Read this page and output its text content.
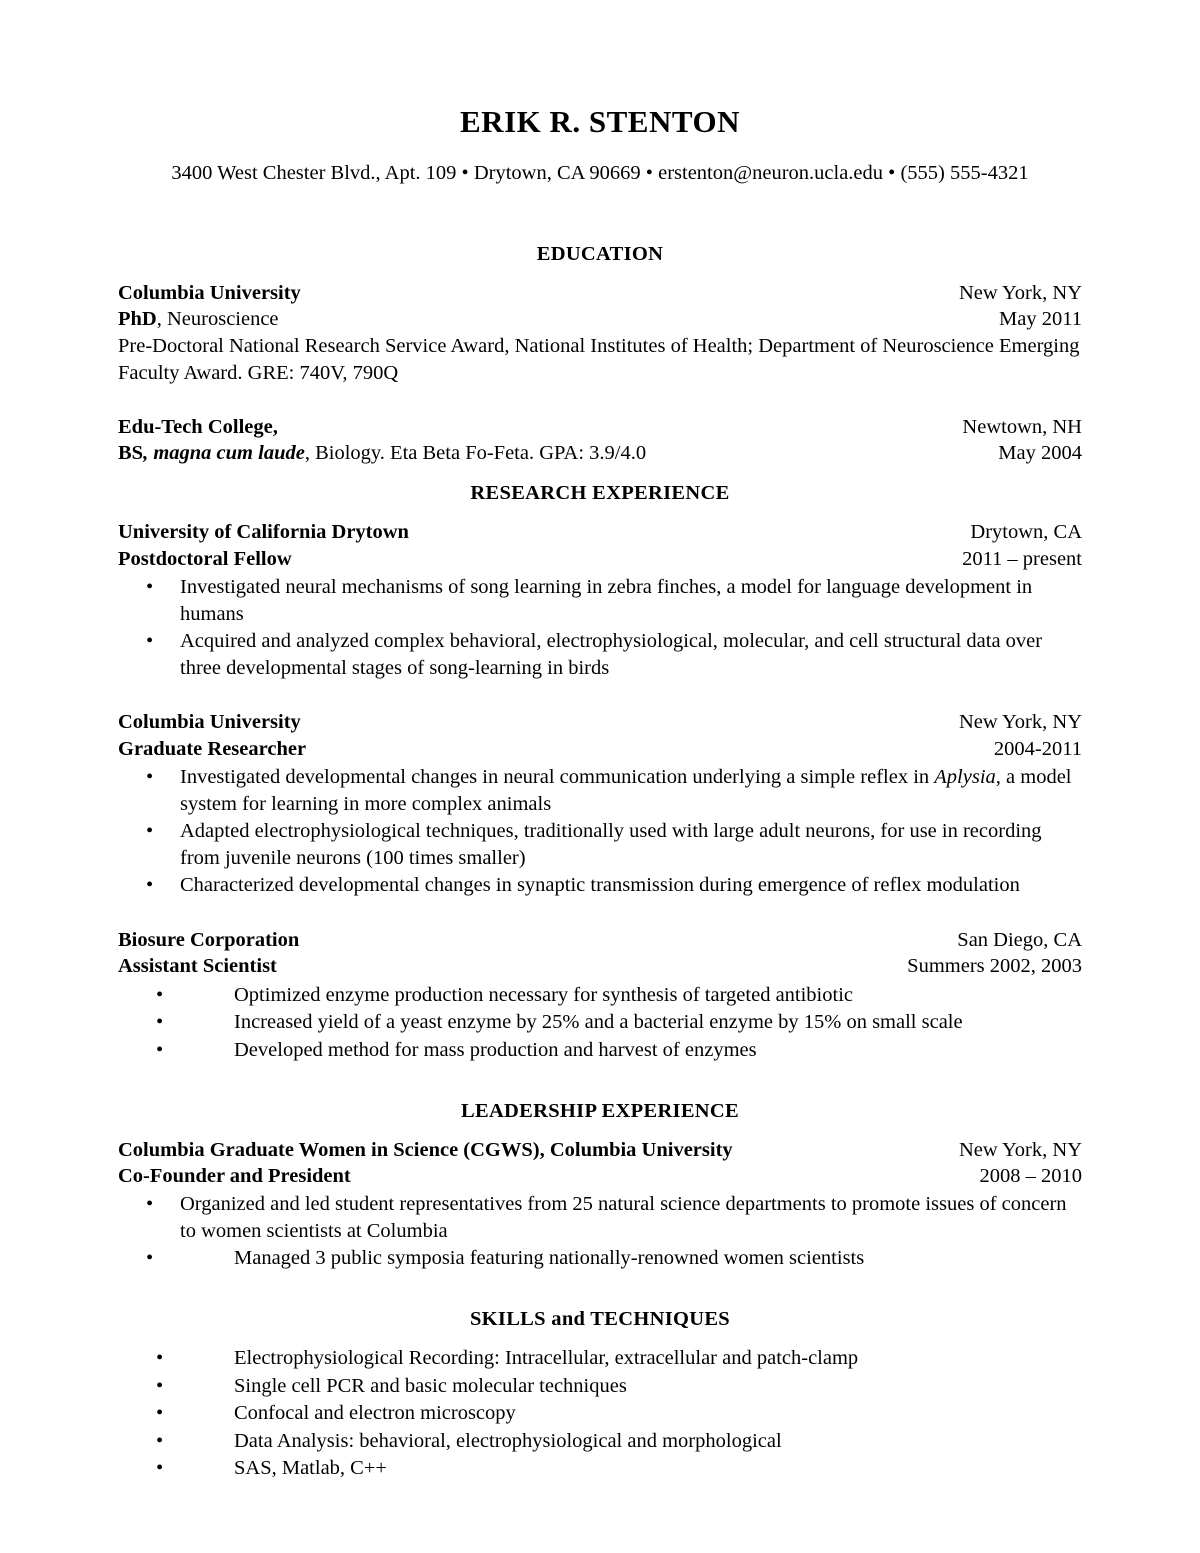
ERIK R. STENTON
3400 West Chester Blvd., Apt. 109 • Drytown, CA 90669 • erstenton@neuron.ucla.edu • (555) 555-4321
EDUCATION
Columbia University	New York, NY
PhD, Neuroscience	May 2011
Pre-Doctoral National Research Service Award, National Institutes of Health; Department of Neuroscience Emerging Faculty Award. GRE: 740V, 790Q
Edu-Tech College,	Newtown, NH
BS, magna cum laude, Biology. Eta Beta Fo-Feta. GPA: 3.9/4.0	May 2004
RESEARCH EXPERIENCE
University of California Drytown	Drytown, CA
Postdoctoral Fellow	2011 – present
• Investigated neural mechanisms of song learning in zebra finches, a model for language development in humans
• Acquired and analyzed complex behavioral, electrophysiological, molecular, and cell structural data over three developmental stages of song-learning in birds
Columbia University	New York, NY
Graduate Researcher	2004-2011
• Investigated developmental changes in neural communication underlying a simple reflex in Aplysia, a model system for learning in more complex animals
• Adapted electrophysiological techniques, traditionally used with large adult neurons, for use in recording from juvenile neurons (100 times smaller)
• Characterized developmental changes in synaptic transmission during emergence of reflex modulation
Biosure Corporation	San Diego, CA
Assistant Scientist	Summers 2002, 2003
• Optimized enzyme production necessary for synthesis of targeted antibiotic
• Increased yield of a yeast enzyme by 25% and a bacterial enzyme by 15% on small scale
• Developed method for mass production and harvest of enzymes
LEADERSHIP EXPERIENCE
Columbia Graduate Women in Science (CGWS), Columbia University	New York, NY
Co-Founder and President	2008 – 2010
• Organized and led student representatives from 25 natural science departments to promote issues of concern to women scientists at Columbia
• Managed 3 public symposia featuring nationally-renowned women scientists
SKILLS and TECHNIQUES
• Electrophysiological Recording: Intracellular, extracellular and patch-clamp
• Single cell PCR and basic molecular techniques
• Confocal and electron microscopy
• Data Analysis: behavioral, electrophysiological and morphological
• SAS, Matlab, C++
